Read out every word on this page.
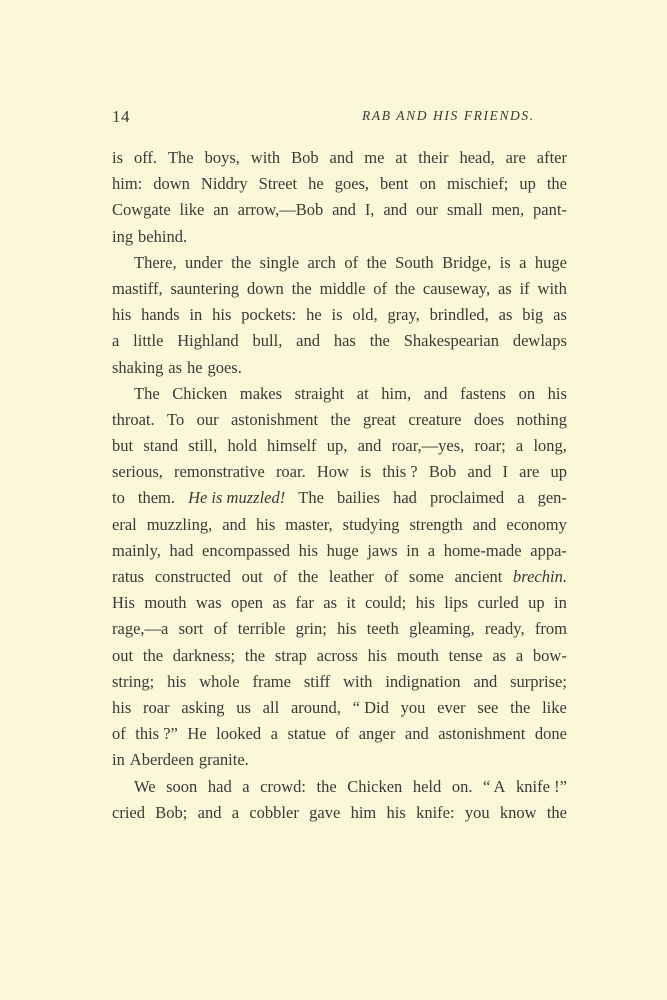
14	RAB AND HIS FRIENDS.
is off. The boys, with Bob and me at their head, are after
him: down Niddry Street he goes, bent on mischief; up the
Cowgate like an arrow,—Bob and I, and our small men, pant-
ing behind.
There, under the single arch of the South Bridge, is a huge
mastiff, sauntering down the middle of the causeway, as if with
his hands in his pockets: he is old, gray, brindled, as big as
a little Highland bull, and has the Shakespearian dewlaps
shaking as he goes.
The Chicken makes straight at him, and fastens on his
throat. To our astonishment the great creature does nothing
but stand still, hold himself up, and roar,—yes, roar; a long,
serious, remonstrative roar. How is this ? Bob and I are up
to them. He is muzzled! The bailies had proclaimed a gen-
eral muzzling, and his master, studying strength and economy
mainly, had encompassed his huge jaws in a home-made appa-
ratus constructed out of the leather of some ancient brechin.
His mouth was open as far as it could; his lips curled up in
rage,—a sort of terrible grin; his teeth gleaming, ready, from
out the darkness; the strap across his mouth tense as a bow-
string; his whole frame stiff with indignation and surprise;
his roar asking us all around, “ Did you ever see the like
of this ?” He looked a statue of anger and astonishment done
in Aberdeen granite.
We soon had a crowd: the Chicken held on. “ A knife !”
cried Bob; and a cobbler gave him his knife: you know the
